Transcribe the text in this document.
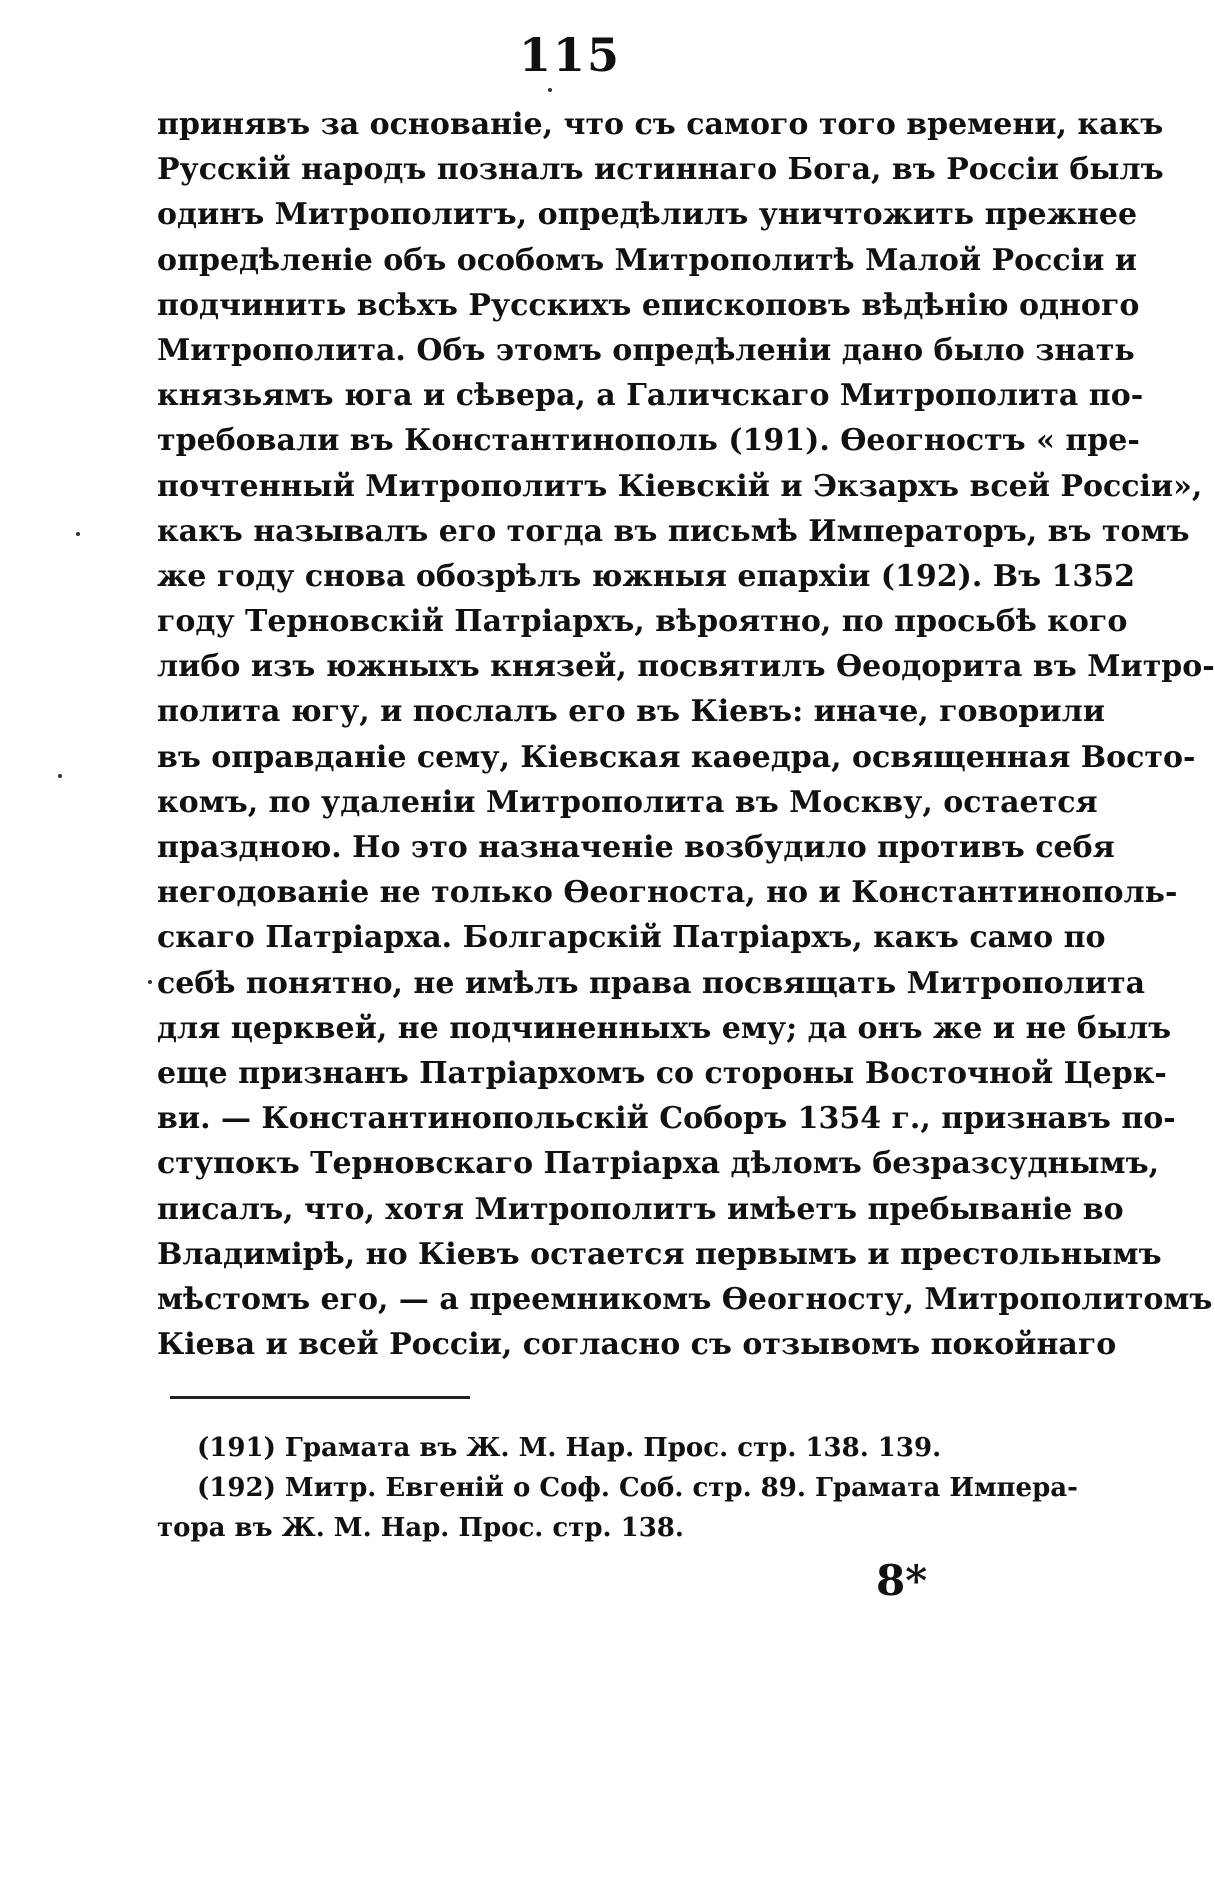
115
принявъ за основаніе, что съ самого того времени, какъ
Русскій народъ позналъ истиннаго Бога, въ Россіи былъ
одинъ Митрополитъ, опредѣлилъ уничтожить прежнее
опредѣленіе объ особомъ Митрополитѣ Малой Россіи и
подчинить всѣхъ Русскихъ епископовъ вѣдѣнію одного
Митрополита. Объ этомъ опредѣленіи дано было знать
князьямъ юга и сѣвера, а Галичскаго Митрополита по-
требовали въ Константинополь (191). Ѳеогностъ « пре-
почтенный Митрополитъ Кіевскій и Экзархъ всей Россіи»,
какъ называлъ его тогда въ письмѣ Императоръ, въ томъ
же году снова обозрѣлъ южныя епархіи (192). Въ 1352
году Терновскій Патріархъ, вѣроятно, по просьбѣ кого
либо изъ южныхъ князей, посвятилъ Ѳеодорита въ Митро-
полита югу, и послалъ его въ Кіевъ: иначе, говорили
въ оправданіе сему, Кіевская каѳедра, освященная Восто-
комъ, по удаленіи Митрополита въ Москву, остается
праздною. Но это назначеніе возбудило противъ себя
негодованіе не только Ѳеогноста, но и Константинополь-
скаго Патріарха. Болгарскій Патріархъ, какъ само по
себѣ понятно, не имѣлъ права посвящать Митрополита
для церквей, не подчиненныхъ ему; да онъ же и не былъ
еще признанъ Патріархомъ со стороны Восточной Церк-
ви. — Константинопольскій Соборъ 1354 г., признавъ по-
ступокъ Терновскаго Патріарха дѣломъ безразсуднымъ,
писалъ, что, хотя Митрополитъ имѣетъ пребываніе во
Владимірѣ, но Кіевъ остается первымъ и престольнымъ
мѣстомъ его, — а преемникомъ Ѳеогносту, Митрополитомъ
Кіева и всей Россіи, согласно съ отзывомъ покойнаго
(191) Грамата въ Ж. М. Нар. Прос. стр. 138. 139.
(192) Митр. Евгеній о Соф. Соб. стр. 89. Грамата Импера-
тора въ Ж. М. Нар. Прос. стр. 138.
8*
